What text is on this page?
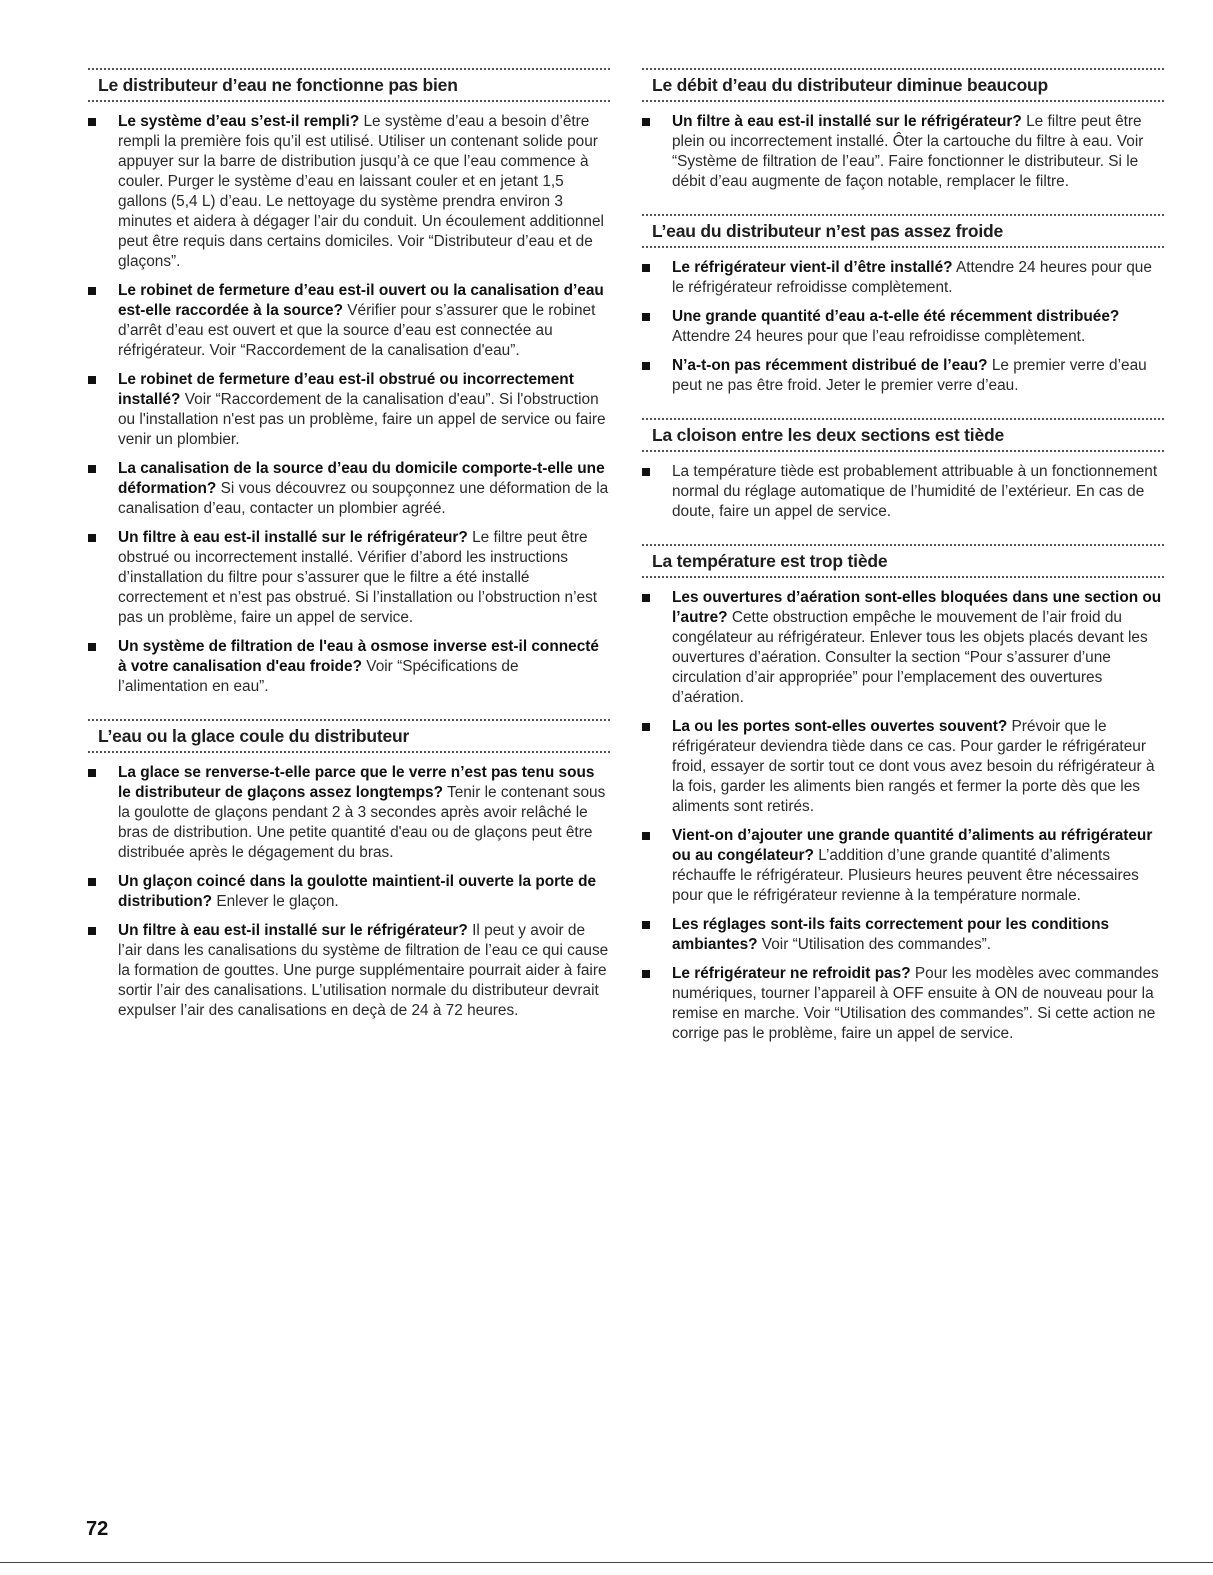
Le distributeur d’eau ne fonctionne pas bien
Le système d’eau s’est-il rempli? Le système d’eau a besoin d’être rempli la première fois qu’il est utilisé. Utiliser un contenant solide pour appuyer sur la barre de distribution jusqu’à ce que l’eau commence à couler. Purger le système d’eau en laissant couler et en jetant 1,5 gallons (5,4 L) d’eau. Le nettoyage du système prendra environ 3 minutes et aidera à dégager l’air du conduit. Un écoulement additionnel peut être requis dans certains domiciles. Voir “Distributeur d’eau et de glaçons”.
Le robinet de fermeture d’eau est-il ouvert ou la canalisation d’eau est-elle raccordée à la source? Vérifier pour s’assurer que le robinet d’arrêt d’eau est ouvert et que la source d’eau est connectée au réfrigérateur. Voir “Raccordement de la canalisation d'eau”.
Le robinet de fermeture d’eau est-il obstrué ou incorrectement installé? Voir “Raccordement de la canalisation d'eau”. Si l'obstruction ou l'installation n'est pas un problème, faire un appel de service ou faire venir un plombier.
La canalisation de la source d’eau du domicile comporte-t-elle une déformation? Si vous découvrez ou soupçonnez une déformation de la canalisation d’eau, contacter un plombier agréé.
Un filtre à eau est-il installé sur le réfrigérateur? Le filtre peut être obstrué ou incorrectement installé. Vérifier d’abord les instructions d’installation du filtre pour s’assurer que le filtre a été installé correctement et n’est pas obstrué. Si l’installation ou l’obstruction n’est pas un problème, faire un appel de service.
Un système de filtration de l'eau à osmose inverse est-il connecté à votre canalisation d'eau froide? Voir “Spécifications de l’alimentation en eau”.
L’eau ou la glace coule du distributeur
La glace se renverse-t-elle parce que le verre n’est pas tenu sous le distributeur de glaçons assez longtemps? Tenir le contenant sous la goulotte de glaçons pendant 2 à 3 secondes après avoir relâché le bras de distribution. Une petite quantité d'eau ou de glaçons peut être distribuée après le dégagement du bras.
Un glaçon coincé dans la goulotte maintient-il ouverte la porte de distribution? Enlever le glaçon.
Un filtre à eau est-il installé sur le réfrigérateur? Il peut y avoir de l’air dans les canalisations du système de filtration de l’eau ce qui cause la formation de gouttes. Une purge supplémentaire pourrait aider à faire sortir l’air des canalisations. L’utilisation normale du distributeur devrait expulser l’air des canalisations en deçà de 24 à 72 heures.
Le débit d’eau du distributeur diminue beaucoup
Un filtre à eau est-il installé sur le réfrigérateur? Le filtre peut être plein ou incorrectement installé. Ôter la cartouche du filtre à eau. Voir “Système de filtration de l’eau”. Faire fonctionner le distributeur. Si le débit d’eau augmente de façon notable, remplacer le filtre.
L’eau du distributeur n’est pas assez froide
Le réfrigérateur vient-il d’être installé? Attendre 24 heures pour que le réfrigérateur refroidisse complètement.
Une grande quantité d’eau a-t-elle été récemment distribuée? Attendre 24 heures pour que l’eau refroidisse complètement.
N’a-t-on pas récemment distribué de l’eau? Le premier verre d’eau peut ne pas être froid. Jeter le premier verre d’eau.
La cloison entre les deux sections est tiède
La température tiède est probablement attribuable à un fonctionnement normal du réglage automatique de l’humidité de l’extérieur. En cas de doute, faire un appel de service.
La température est trop tiède
Les ouvertures d’aération sont-elles bloquées dans une section ou l’autre? Cette obstruction empêche le mouvement de l’air froid du congélateur au réfrigérateur. Enlever tous les objets placés devant les ouvertures d’aération. Consulter la section “Pour s’assurer d’une circulation d’air appropriée” pour l’emplacement des ouvertures d’aération.
La ou les portes sont-elles ouvertes souvent? Prévoir que le réfrigérateur deviendra tiède dans ce cas. Pour garder le réfrigérateur froid, essayer de sortir tout ce dont vous avez besoin du réfrigérateur à la fois, garder les aliments bien rangés et fermer la porte dès que les aliments sont retirés.
Vient-on d’ajouter une grande quantité d’aliments au réfrigérateur ou au congélateur? L’addition d’une grande quantité d’aliments réchauffe le réfrigérateur. Plusieurs heures peuvent être nécessaires pour que le réfrigérateur revienne à la température normale.
Les réglages sont-ils faits correctement pour les conditions ambiantes? Voir “Utilisation des commandes”.
Le réfrigérateur ne refroidit pas? Pour les modèles avec commandes numériques, tourner l’appareil à OFF ensuite à ON de nouveau pour la remise en marche. Voir “Utilisation des commandes”. Si cette action ne corrige pas le problème, faire un appel de service.
72
